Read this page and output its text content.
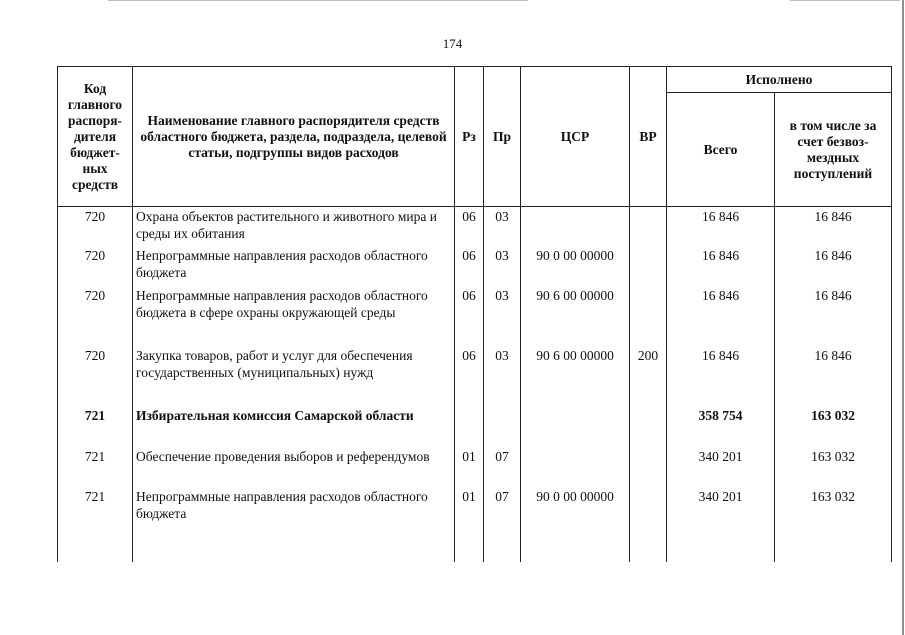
174
Код главного распоря-дителя бюджет-ных средств	Наименование главного распорядителя средств областного бюджета, раздела, подраздела, целевой статьи, подгруппы видов расходов	Рз	Пр	ЦСР	ВР	Исполнено	
						Всего	в том числе за счет безвоз-мездных поступлений
720	Охрана объектов растительного и животного мира и среды их обитания	06	03			16 846	16 846
720	Непрограммные направления расходов областного бюджета	06	03	90 0 00 00000		16 846	16 846
720	Непрограммные направления расходов областного бюджета в сфере охраны окружающей среды	06	03	90 6 00 00000		16 846	16 846
720	Закупка товаров, работ и услуг для обеспечения государственных (муниципальных) нужд	06	03	90 6 00 00000	200	16 846	16 846
721	Избирательная комиссия Самарской области					358 754	163 032
721	Обеспечение проведения выборов и референдумов	01	07			340 201	163 032
721	Непрограммные направления расходов областного бюджета	01	07	90 0 00 00000		340 201	163 032
